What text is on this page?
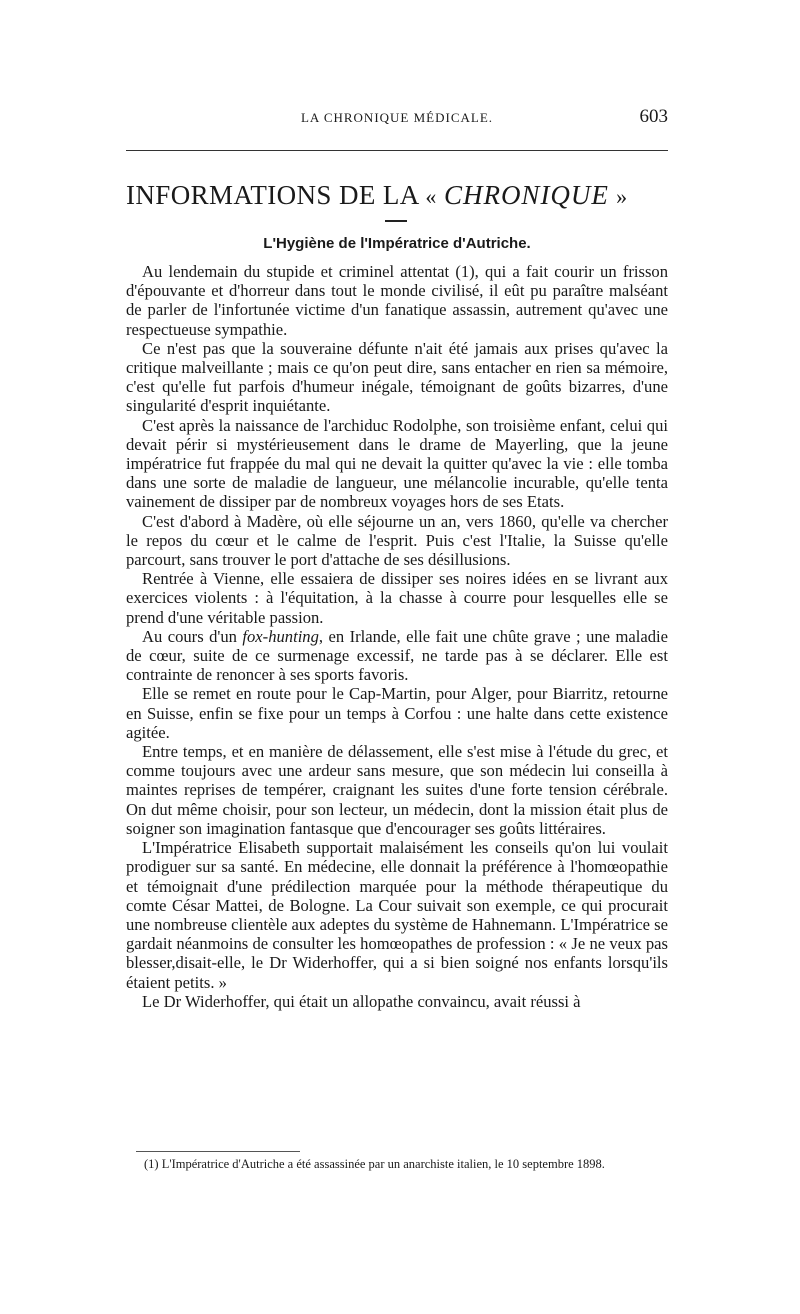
LA CHRONIQUE MÉDICALE.	603
INFORMATIONS DE LA « CHRONIQUE »
L'Hygiène de l'Impératrice d'Autriche.

Au lendemain du stupide et criminel attentat (1), qui a fait courir un frisson d'épouvante et d'horreur dans tout le monde civilisé, il eût pu paraître malséant de parler de l'infortunée victime d'un fanatique assassin, autrement qu'avec une respectueuse sympathie.

Ce n'est pas que la souveraine défunte n'ait été jamais aux prises qu'avec la critique malveillante ; mais ce qu'on peut dire, sans entacher en rien sa mémoire, c'est qu'elle fut parfois d'humeur inégale, témoignant de goûts bizarres, d'une singularité d'esprit inquiétante.

C'est après la naissance de l'archiduc Rodolphe, son troisième enfant, celui qui devait périr si mystérieusement dans le drame de Mayerling, que la jeune impératrice fut frappée du mal qui ne devait la quitter qu'avec la vie : elle tomba dans une sorte de maladie de langueur, une mélancolie incurable, qu'elle tenta vainement de dissiper par de nombreux voyages hors de ses Etats.

C'est d'abord à Madère, où elle séjourne un an, vers 1860, qu'elle va chercher le repos du cœur et le calme de l'esprit. Puis c'est l'Italie, la Suisse qu'elle parcourt, sans trouver le port d'attache de ses désillusions.

Rentrée à Vienne, elle essaiera de dissiper ses noires idées en se livrant aux exercices violents : à l'équitation, à la chasse à courre pour lesquelles elle se prend d'une véritable passion.

Au cours d'un fox-hunting, en Irlande, elle fait une chûte grave ; une maladie de cœur, suite de ce surmenage excessif, ne tarde pas à se déclarer. Elle est contrainte de renoncer à ses sports favoris.

Elle se remet en route pour le Cap-Martin, pour Alger, pour Biarritz, retourne en Suisse, enfin se fixe pour un temps à Corfou : une halte dans cette existence agitée.

Entre temps, et en manière de délassement, elle s'est mise à l'étude du grec, et comme toujours avec une ardeur sans mesure, que son médecin lui conseilla à maintes reprises de tempérer, craignant les suites d'une forte tension cérébrale. On dut même choisir, pour son lecteur, un médecin, dont la mission était plus de soigner son imagination fantasque que d'encourager ses goûts littéraires.

L'Impératrice Elisabeth supportait malaisément les conseils qu'on lui voulait prodiguer sur sa santé. En médecine, elle donnait la préférence à l'homœopathie et témoignait d'une prédilection marquée pour la méthode thérapeutique du comte César Mattei, de Bologne. La Cour suivait son exemple, ce qui procurait une nombreuse clientèle aux adeptes du système de Hahnemann. L'Impératrice se gardait néanmoins de consulter les homœopathes de profession : « Je ne veux pas blesser,disait-elle, le Dr Widerhoffer, qui a si bien soigné nos enfants lorsqu'ils étaient petits. »

Le Dr Widerhoffer, qui était un allopathe convaincu, avait réussi à

(1) L'Impératrice d'Autriche a été assassinée par un anarchiste italien, le 10 septembre 1898.
